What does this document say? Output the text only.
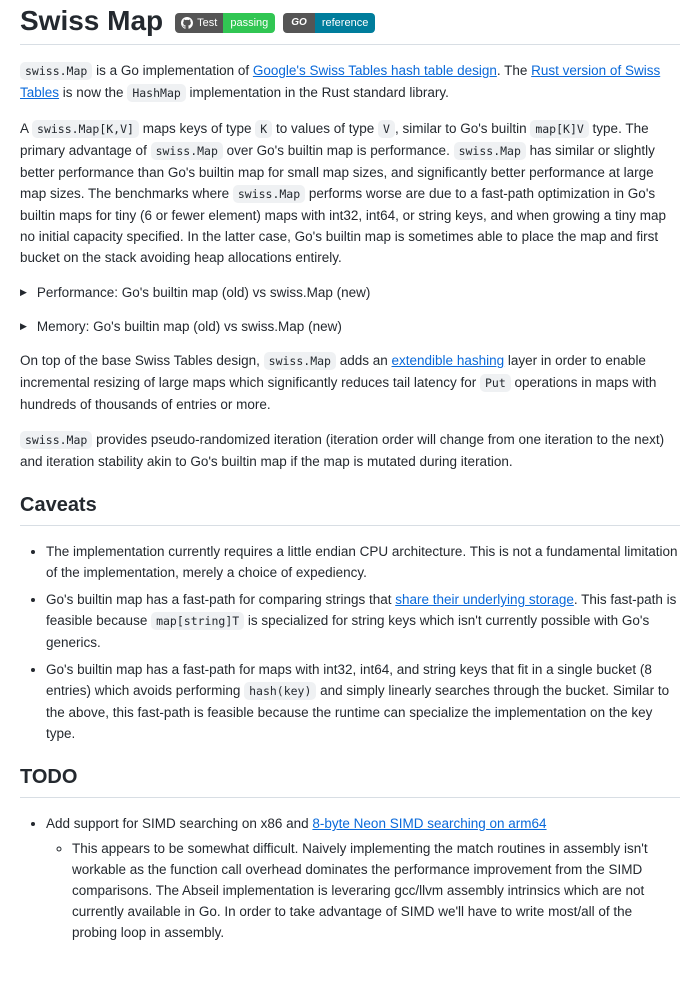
Swiss Map	Test	passing	GO	reference

swiss.Map is a Go implementation of Google's Swiss Tables hash table design. The Rust version of Swiss Tables is now the HashMap implementation in the Rust standard library.

A swiss.Map[K,V] maps keys of type K to values of type V , similar to Go's builtin map[K]V type. The primary advantage of swiss.Map over Go's builtin map is performance. swiss.Map has similar or slightly better performance than Go's builtin map for small map sizes, and significantly better performance at large map sizes. The benchmarks where swiss.Map performs worse are due to a fast-path optimization in Go's builtin maps for tiny (6 or fewer element) maps with int32, int64, or string keys, and when growing a tiny map no initial capacity specified. In the latter case, Go's builtin map is sometimes able to place the map and first bucket on the stack avoiding heap allocations entirely.

▶ Performance: Go's builtin map (old) vs swiss.Map (new)
▶ Memory: Go's builtin map (old) vs swiss.Map (new)

On top of the base Swiss Tables design, swiss.Map adds an extendible hashing layer in order to enable incremental resizing of large maps which significantly reduces tail latency for Put operations in maps with hundreds of thousands of entries or more.

swiss.Map provides pseudo-randomized iteration (iteration order will change from one iteration to the next) and iteration stability akin to Go's builtin map if the map is mutated during iteration.

Caveats
• The implementation currently requires a little endian CPU architecture. This is not a fundamental limitation of the implementation, merely a choice of expediency.
• Go's builtin map has a fast-path for comparing strings that share their underlying storage. This fast-path is feasible because map[string]T is specialized for string keys which isn't currently possible with Go's generics.
• Go's builtin map has a fast-path for maps with int32, int64, and string keys that fit in a single bucket (8 entries) which avoids performing hash(key) and simply linearly searches through the bucket. Similar to the above, this fast-path is feasible because the runtime can specialize the implementation on the key type.
TODO
• Add support for SIMD searching on x86 and 8-byte Neon SIMD searching on arm64
◦ This appears to be somewhat difficult. Naively implementing the match routines in assembly isn't workable as the function call overhead dominates the performance improvement from the SIMD comparisons. The Abseil implementation is leveraring gcc/llvm assembly intrinsics which are not currently available in Go. In order to take advantage of SIMD we'll have to write most/all of the probing loop in assembly.
